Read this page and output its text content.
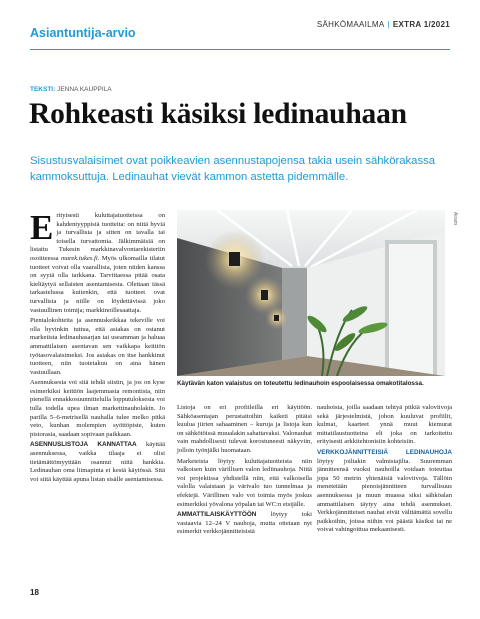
Asiantuntija-arvio
SÄHKÖMAAILMA | EXTRA 1/2021
TEKSTI: JENNA KAUPPILA
Rohkeasti käsiksi ledinauhaan

Sisustusvalaisimet ovat poikkeavien asennustapojensa takia usein sähkörakassa kammoksuttuja. Ledinauhat vievät kammon astetta pidemmälle.

Erityisesti kuluttajatuotteissa on kahdentyyppisiä tuotteita: on niitä hyviä ja turvallisia ja sitten on tavalla tai toisella turvattomia. Jälkimmäisiä on listattu Tukesin markkinavalvontarekisteriin osoitteessa marek.tukes.fi. Myös ulkomailla tilatut tuotteet voivat olla vaarallisia, joten niiden kanssa on syytä olla tarkkana. Tarvittaessa pitää osata kieltäytyä sellaisten asentamisesta. Olettaan tässä tarkastelussa kuitenkin, että tuotteet ovat turvallisia ja niille on löydettävissä joko vastuullinen toimija; markkinoillesaattaja.

Pientalokohteita ja asennuskeikkaa tekeville voi olla hyvinkin tuttua, että asiakas on ostanut marketista ledinauhasarjan tai useamman ja haluaa ammattilaisen asentavan sen vaikkapa keittiön työtasovalaisimeksi. Jos asiakas on itse hankkinut tuotteen, niin tuotetakuu on aina hänen vastuullaan.

Asennuksesta voi sitä tehdä siistin, ja jos on kyse esimerkiksi keittiön laajemmasta remontista, niin pienellä ennakkosuunnittelulla lopputuloksesta voi tulla todella upea ilman markettinauholakin. Jo parilla 5–6-metrisellä nauhalla tulee melko pitkä veto, kunhan molempien syöttöpiste, kuten pistorasia, saadaan sopivaan paikkaan.

ASENNUSLISTOJA KANNATTAA käyttää asennuksessa, vaikka tilaaja ei olisi tietämättömyyttään osannut niitä hankkia. Ledinauhan oma liimapinta ei kestä käytössä. Sitä voi siitä käyttää apuna listan sisälle asentamisessa.

Airam
Käytävän katon valaistus on toteutettu ledinauhoin espoolaisessa omakotitalossa.

Listoja on eri profiileilla eri käyttöön. Sähköasentajan perustaitoihin kaiketi pitäisi kuulua jiirien sahaaminen – kuruja ja listoja kun on sähkötöissä muualakin sahattavaksi. Valonauhat vain mahdollisesti tulevat korostuneesti näkyviin, jolloin työnjälki huomataan.

Marketeista löytyy kuluttajatuotteista niin valkoisen kuin värillisen valon lediinauhoja. Niitä voi projektissa yhdistellä niin, että valkoisella valolla valaistaan ja värivalo tuo tunnelmaa ja efektejä. Värillinen valo voi toimia myös joskus esimerkiksi yövalona yöpalan tai WC:n etsijälle.

AMMATTILAISKÄYTTÖÖN löytyy toki vastaavia 12–24 V nauhoja, mutta ottetaan nyt esimerkit verkkojännitteisistä

nauhoista, joilla saadaan tehtyä pitkiä valoviivoja sekä järjestelmistä, johon kuuluvat profiilit, kulmat, kaarteet ynnä muut kiemurat mittatilaustuotteina eli joka on tarkoitettu erityisesti arkkitehtonisiin kohteisiin.

VERKKOJÄNNITTEISIÄ LEDINAUHOJA löytyy joiltakin valmistajilta. Suuremman jännitteensä vuoksi nauhoilla voidaan toteuttaa jopa 50 metrin yhtenäisiä valoviivoja. Tällöin menetetään pienoisjännitteen turvallisuus asennuksessa ja muun muassa siksi sähköalan ammattilaisen täytyy aina tehdä asennukset. Verkkojännitteiset nauhat eivät välttämättä sovellu paikkoihin, joissa niihin voi päästä käsiksi tai ne voivat vahingoittua mekaanisesti.

18
